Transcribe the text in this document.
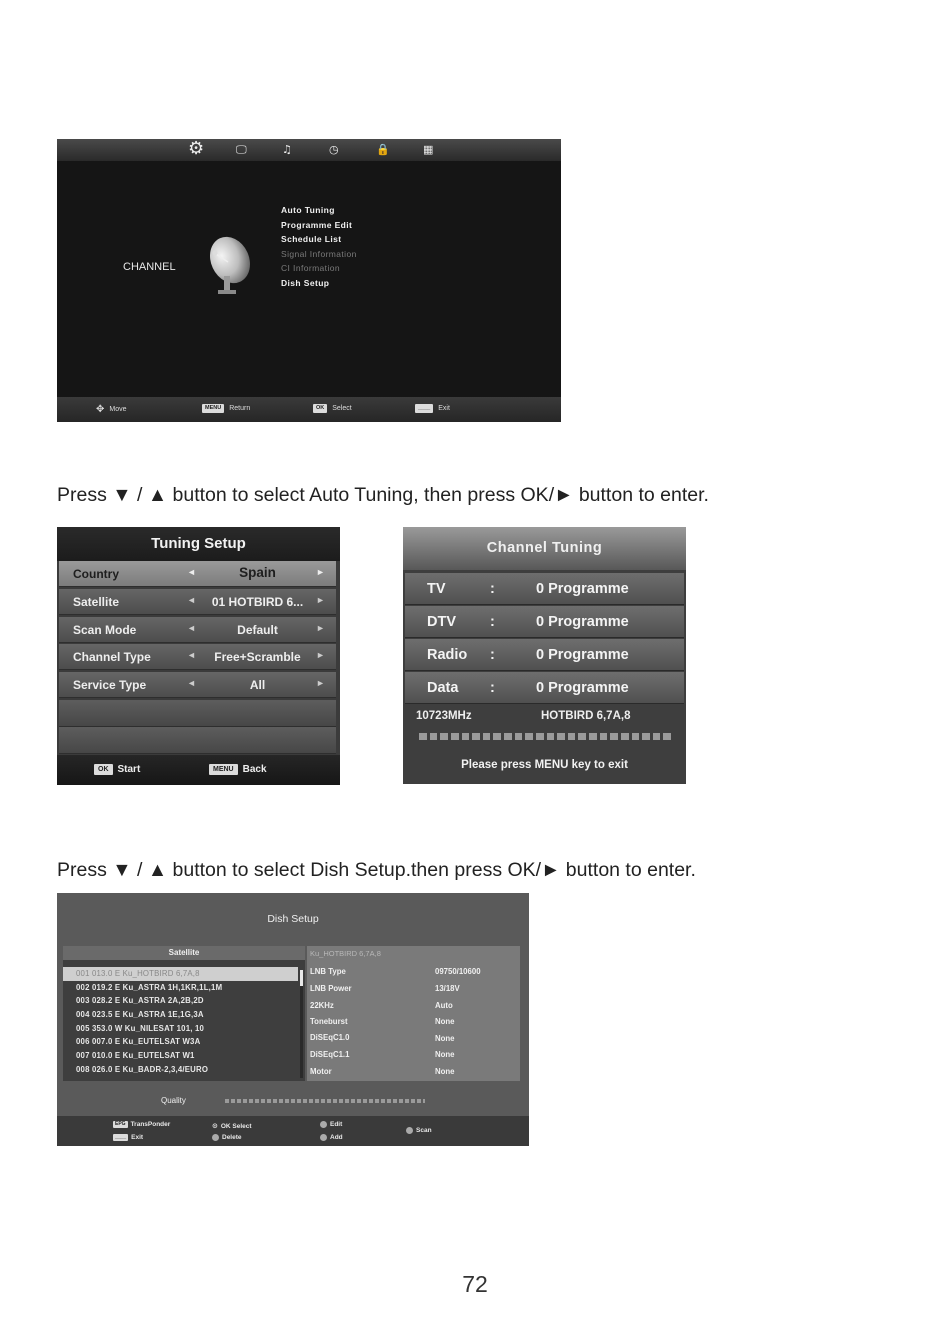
⚙	🖵	♫	◷	🔒	▦
CHANNEL
Auto Tuning
Programme Edit
Schedule List
Signal Information
CI Information
Dish Setup
✥ Move	MENU	Return	OK	Select	____	Exit
Press ▼ / ▲ button to select Auto Tuning, then press OK/► button to enter.
Tuning Setup
Country	◄	Spain	►
Satellite	◄	01 HOTBIRD 6...	►
Scan Mode	◄	Default	►
Channel Type	◄	Free+Scramble	►
Service Type	◄	All	►
OK Start	MENU Back
Channel Tuning
TV	:	0 Programme
DTV :	0 Programme
Radio :	0 Programme
Data :	0 Programme
10723MHz	HOTBIRD 6,7A,8
Please press MENU key to exit
Press ▼ / ▲ button to select Dish Setup.then press OK/► button to enter.
Dish Setup
Satellite
001 013.0 E Ku_HOTBIRD 6,7A,8
002 019.2 E Ku_ASTRA 1H,1KR,1L,1M
003 028.2 E Ku_ASTRA 2A,2B,2D
004 023.5 E Ku_ASTRA 1E,1G,3A
005 353.0 W Ku_NILESAT 101, 10
006 007.0 E Ku_EUTELSAT W3A
007 010.0 E Ku_EUTELSAT W1
008 026.0 E Ku_BADR-2,3,4/EURO
Ku_HOTBIRD 6,7A,8
LNB Type	09750/10600
LNB Power	13/18V
22KHz	Auto
Toneburst	None
DiSEqC1.0	None
DiSEqC1.1	None
Motor	None
Quality
EPG TransPonder
____ Exit
⊙ OK Select
Delete
Edit
Add
Scan
72
